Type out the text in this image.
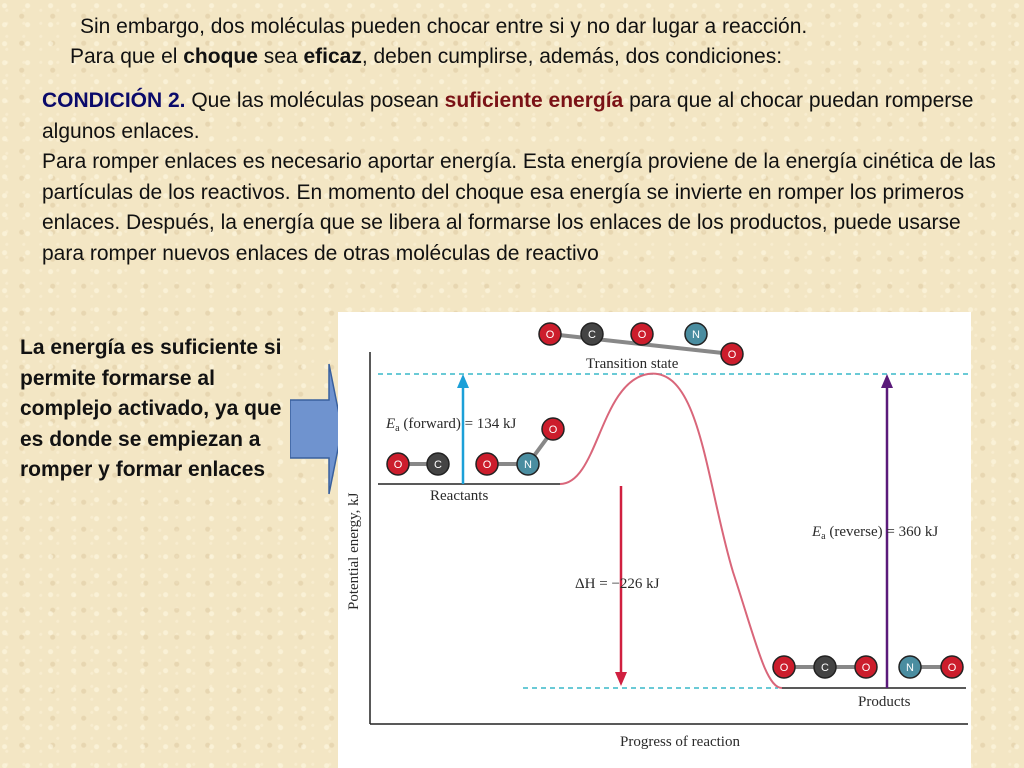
Sin embargo, dos moléculas pueden chocar entre si y no dar lugar a reacción.
Para que el choque sea eficaz, deben cumplirse, además, dos condiciones:
CONDICIÓN 2. Que las moléculas posean suficiente energía para que al chocar puedan romperse algunos enlaces.
Para romper enlaces es necesario aportar energía. Esta energía proviene de la energía cinética de las partículas de los reactivos. En momento del choque esa energía se invierte en romper los primeros enlaces. Después, la energía que se libera al formarse los enlaces de los productos, puede usarse para romper nuevos enlaces de otras moléculas de reactivo
La energía es suficiente si permite formarse al complejo activado, ya que es donde se empiezan a romper y formar enlaces
Transition state
Reactants
Products
Progress of reaction
Potential energy, kJ
$E_a$ (forward) = 134 kJ
$E_a$ (reverse) = 360 kJ
ΔH = −226 kJ
O	C	O	N
O
O	C	O	N
O
O	C	O	N	O
